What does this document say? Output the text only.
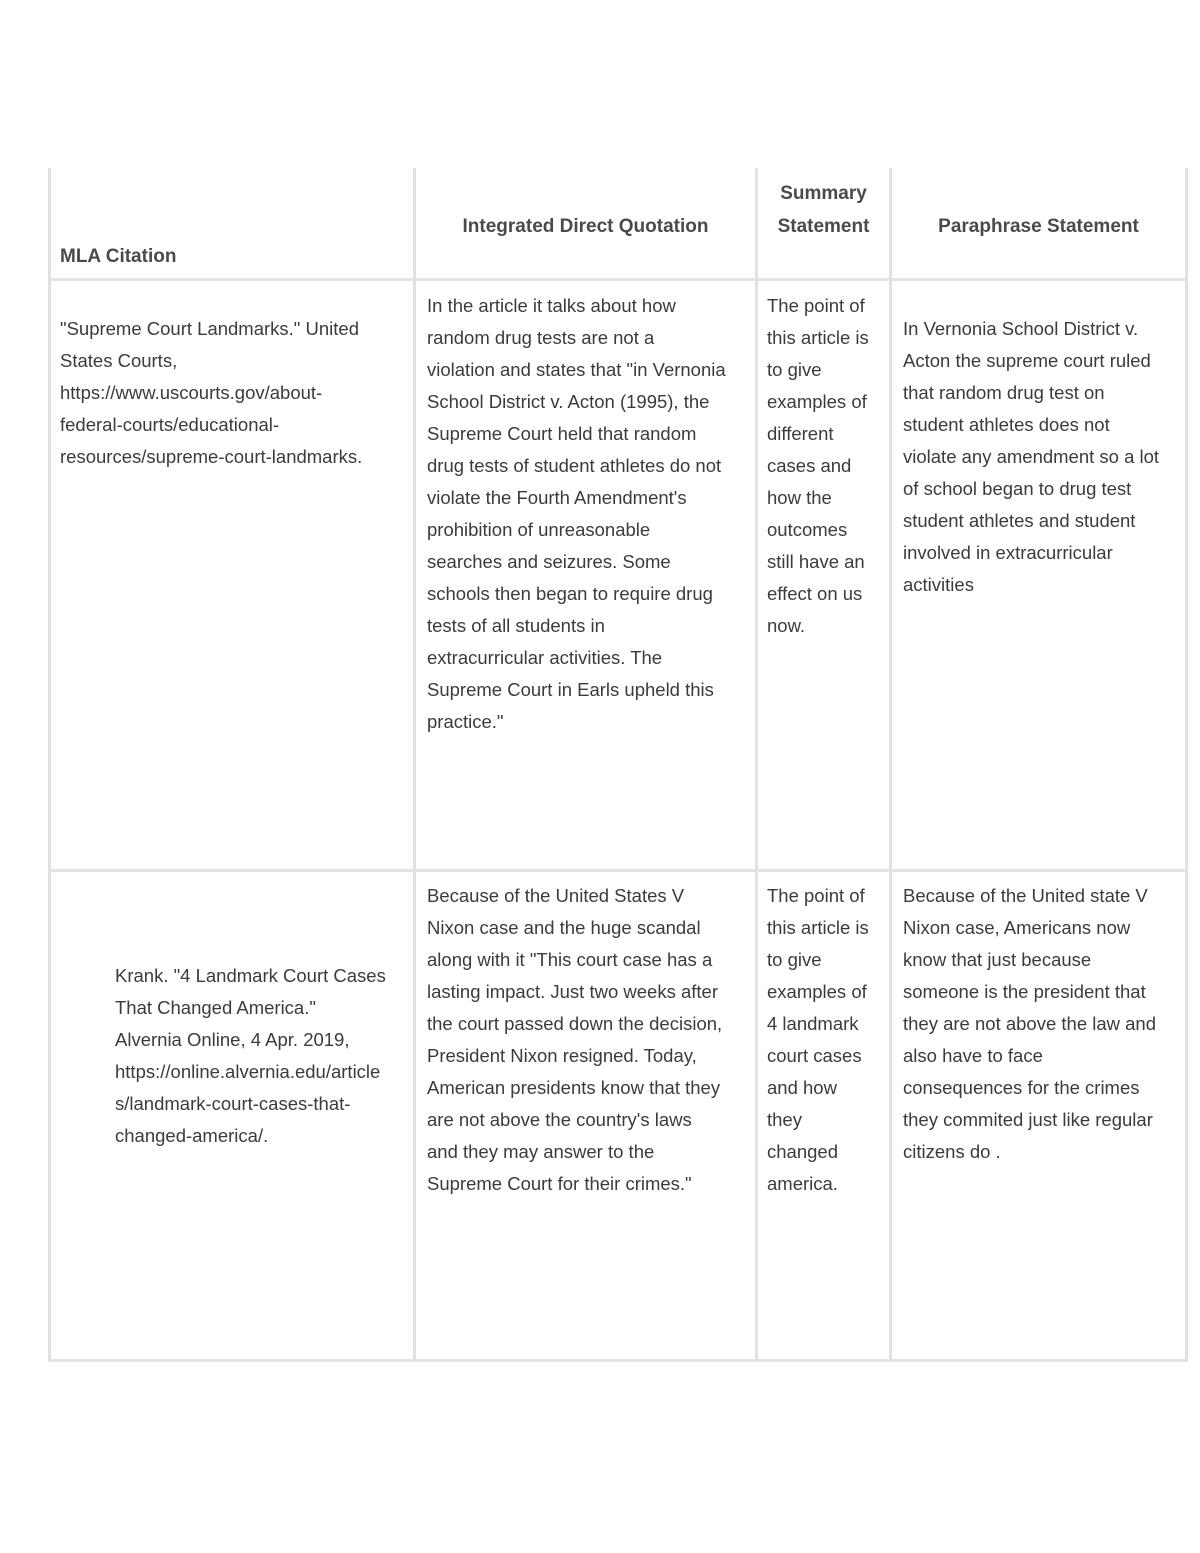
MLA Citation
Integrated Direct Quotation
Summary
Statement	Paraphrase Statement
"Supreme Court Landmarks." United
States Courts,
https://www.uscourts.gov/about-
federal-courts/educational-
resources/supreme-court-landmarks.
In the article it talks about how
random drug tests are not a
violation and states that "in Vernonia
School District v. Acton (1995), the
Supreme Court held that random
drug tests of student athletes do not
violate the Fourth Amendment's
prohibition of unreasonable
searches and seizures. Some
schools then began to require drug
tests of all students in
extracurricular activities. The
Supreme Court in Earls upheld this
practice."
The point of
this article is
to give
examples of
different
cases and
how the
outcomes
still have an
effect on us
now.
In Vernonia School District v.
Acton the supreme court ruled
that random drug test on
student athletes does not
violate any amendment so a lot
of school began to drug test
student athletes and student
involved in extracurricular
activities
Krank. "4 Landmark Court Cases
That Changed America."
Alvernia Online, 4 Apr. 2019,
https://online.alvernia.edu/article
s/landmark-court-cases-that-
changed-america/.
Because of the United States V
Nixon case and the huge scandal
along with it "This court case has a
lasting impact. Just two weeks after
the court passed down the decision,
President Nixon resigned. Today,
American presidents know that they
are not above the country's laws
and they may answer to the
Supreme Court for their crimes."
The point of
this article is
to give
examples of
4 landmark
court cases
and how
they
changed
america.
Because of the United state V
Nixon case, Americans now
know that just because
someone is the president that
they are not above the law and
also have to face
consequences for the crimes
they commited just like regular
citizens do .
